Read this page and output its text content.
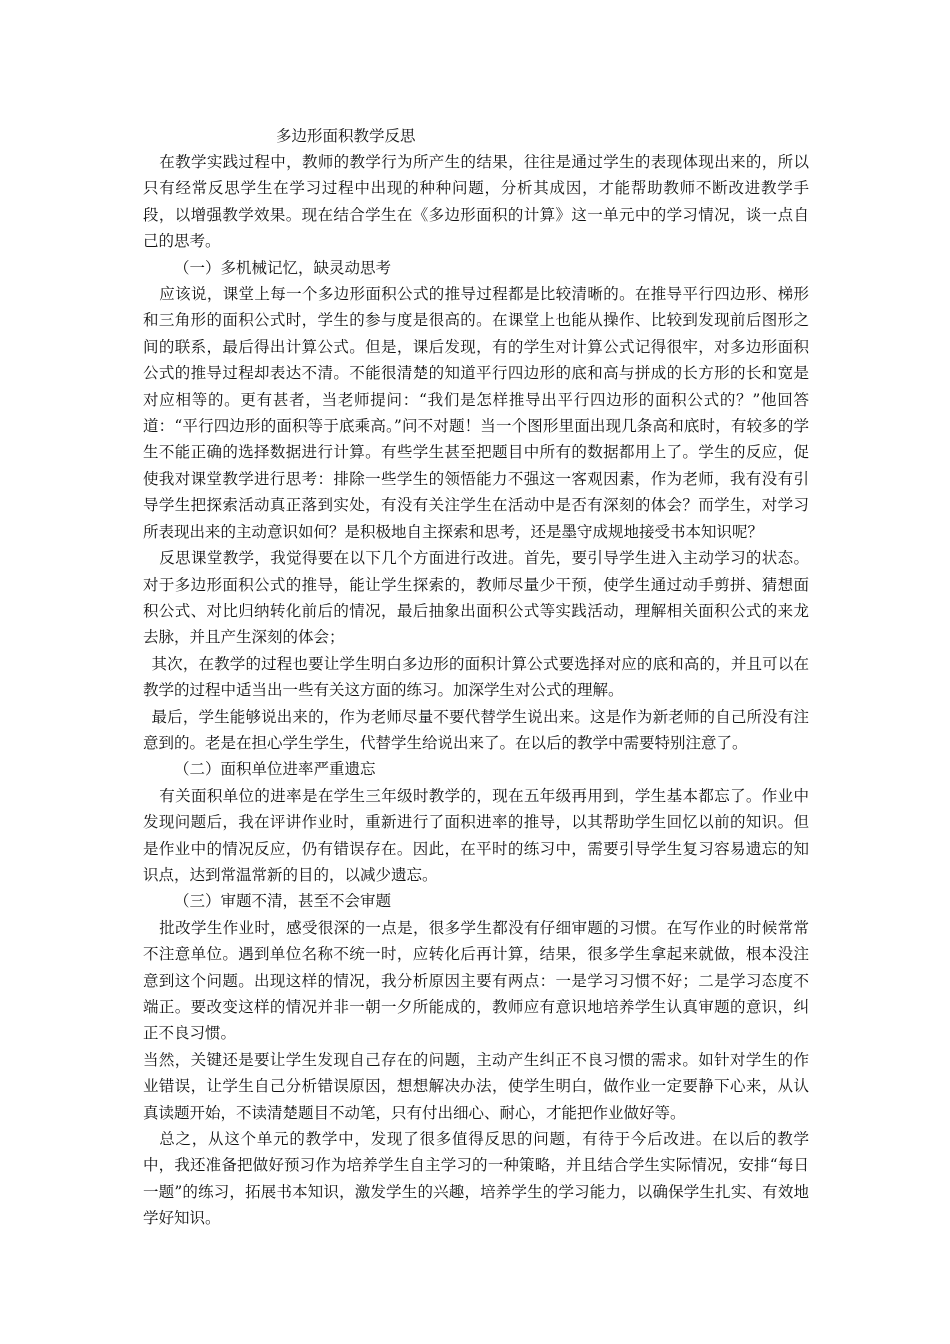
多边形面积教学反思

在教学实践过程中，教师的教学行为所产生的结果，往往是通过学生的表现体现出来的，所以只有经常反思学生在学习过程中出现的种种问题，分析其成因，才能帮助教师不断改进教学手段，以增强教学效果。现在结合学生在《多边形面积的计算》这一单元中的学习情况，谈一点自己的思考。

（一）多机械记忆，缺灵动思考

应该说，课堂上每一个多边形面积公式的推导过程都是比较清晰的。在推导平行四边形、梯形和三角形的面积公式时，学生的参与度是很高的。在课堂上也能从操作、比较到发现前后图形之间的联系，最后得出计算公式。但是，课后发现，有的学生对计算公式记得很牢，对多边形面积公式的推导过程却表达不清。不能很清楚的知道平行四边形的底和高与拼成的长方形的长和宽是对应相等的。更有甚者，当老师提问：“我们是怎样推导出平行四边形的面积公式的？”他回答道：“平行四边形的面积等于底乘高。”问不对题！当一个图形里面出现几条高和底时，有较多的学生不能正确的选择数据进行计算。有些学生甚至把题目中所有的数据都用上了。学生的反应，促使我对课堂教学进行思考：排除一些学生的领悟能力不强这一客观因素，作为老师，我有没有引导学生把探索活动真正落到实处，有没有关注学生在活动中是否有深刻的体会？而学生，对学习所表现出来的主动意识如何？是积极地自主探索和思考，还是墨守成规地接受书本知识呢？

反思课堂教学，我觉得要在以下几个方面进行改进。首先，要引导学生进入主动学习的状态。对于多边形面积公式的推导，能让学生探索的，教师尽量少干预，使学生通过动手剪拼、猜想面积公式、对比归纳转化前后的情况，最后抽象出面积公式等实践活动，理解相关面积公式的来龙去脉，并且产生深刻的体会；

其次，在教学的过程也要让学生明白多边形的面积计算公式要选择对应的底和高的，并且可以在教学的过程中适当出一些有关这方面的练习。加深学生对公式的理解。

最后，学生能够说出来的，作为老师尽量不要代替学生说出来。这是作为新老师的自己所没有注意到的。老是在担心学生学生，代替学生给说出来了。在以后的教学中需要特别注意了。

（二）面积单位进率严重遗忘

有关面积单位的进率是在学生三年级时教学的，现在五年级再用到，学生基本都忘了。作业中发现问题后，我在评讲作业时，重新进行了面积进率的推导，以其帮助学生回忆以前的知识。但是作业中的情况反应，仍有错误存在。因此，在平时的练习中，需要引导学生复习容易遗忘的知识点，达到常温常新的目的，以减少遗忘。

（三）审题不清，甚至不会审题

批改学生作业时，感受很深的一点是，很多学生都没有仔细审题的习惯。在写作业的时候常常不注意单位。遇到单位名称不统一时，应转化后再计算，结果，很多学生拿起来就做，根本没注意到这个问题。出现这样的情况，我分析原因主要有两点：一是学习习惯不好；二是学习态度不端正。要改变这样的情况并非一朝一夕所能成的，教师应有意识地培养学生认真审题的意识，纠正不良习惯。

当然，关键还是要让学生发现自己存在的问题，主动产生纠正不良习惯的需求。如针对学生的作业错误，让学生自己分析错误原因，想想解决办法，使学生明白，做作业一定要静下心来，从认真读题开始，不读清楚题目不动笔，只有付出细心、耐心，才能把作业做好等。

总之，从这个单元的教学中，发现了很多值得反思的问题，有待于今后改进。在以后的教学中，我还准备把做好预习作为培养学生自主学习的一种策略，并且结合学生实际情况，安排“每日一题”的练习，拓展书本知识，激发学生的兴趣，培养学生的学习能力，以确保学生扎实、有效地学好知识。
